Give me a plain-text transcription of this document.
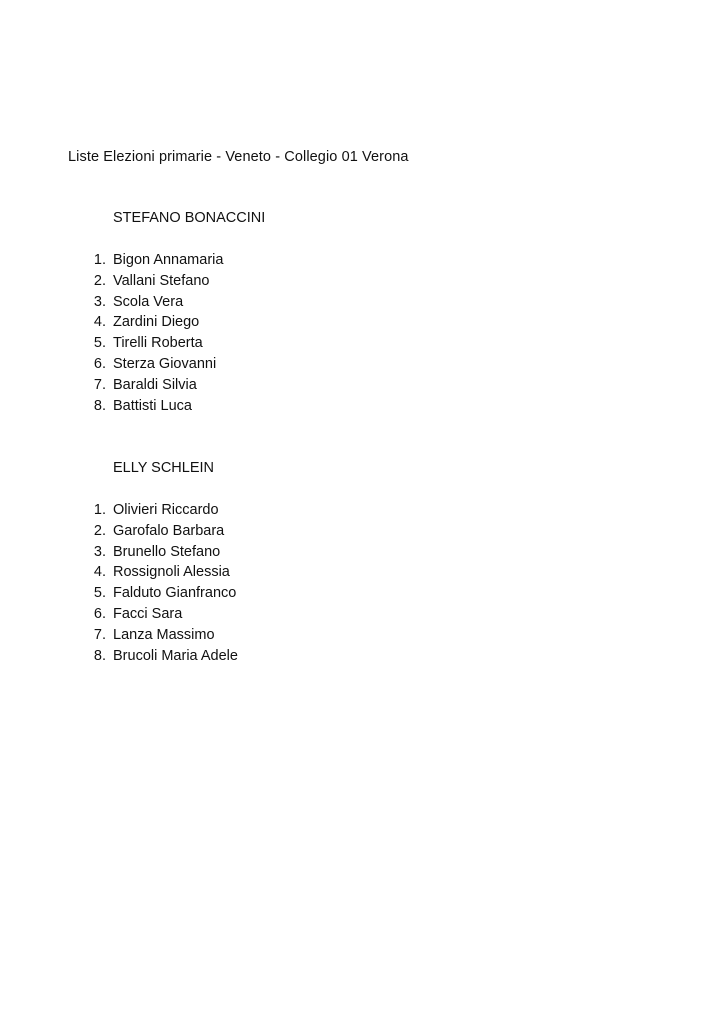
Liste Elezioni primarie - Veneto - Collegio 01 Verona
STEFANO BONACCINI
1. Bigon Annamaria
2. Vallani Stefano
3. Scola Vera
4. Zardini Diego
5. Tirelli Roberta
6. Sterza Giovanni
7. Baraldi Silvia
8. Battisti Luca
ELLY SCHLEIN
1. Olivieri Riccardo
2. Garofalo Barbara
3. Brunello Stefano
4. Rossignoli Alessia
5. Falduto Gianfranco
6. Facci Sara
7. Lanza Massimo
8. Brucoli Maria Adele
